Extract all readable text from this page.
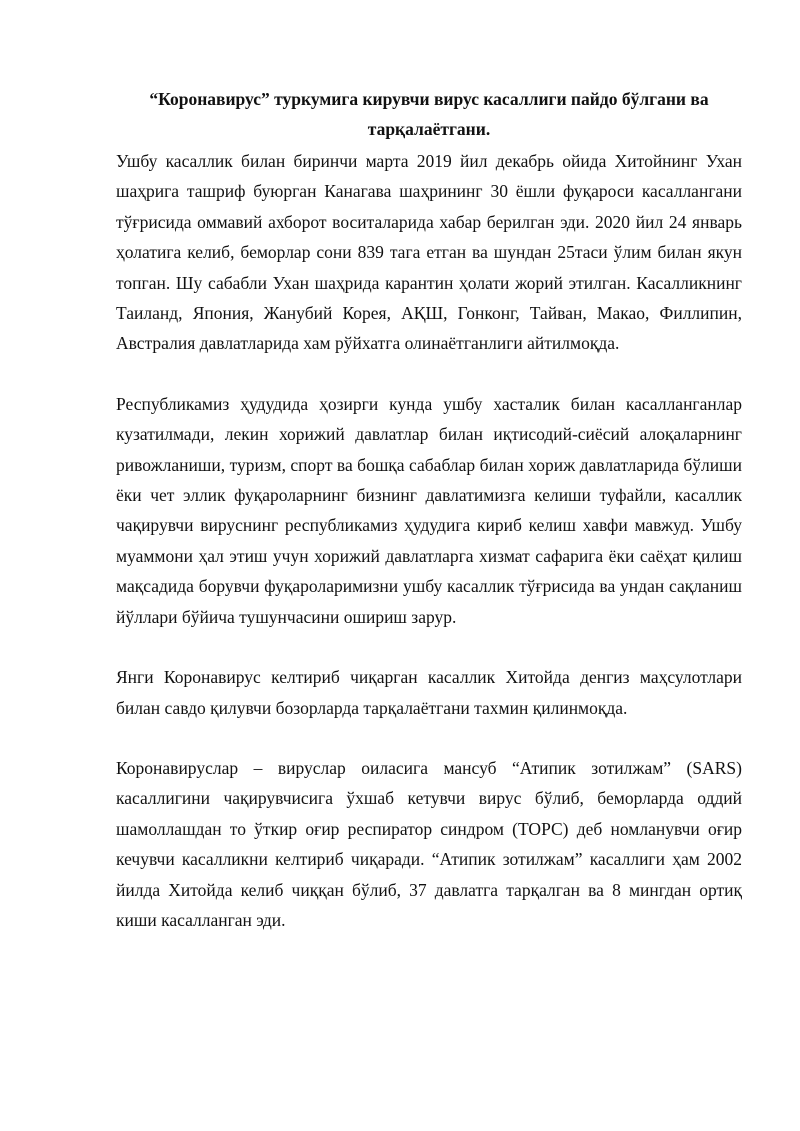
“Коронавирус” туркумига кирувчи вирус касаллиги пайдо бўлгани ва тарқалаётгани.

Ушбу касаллик билан биринчи марта 2019 йил декабрь ойида Хитойнинг Ухан шаҳрига ташриф буюрган Канагава шаҳрининг 30 ёшли фуқароси касаллангани тўғрисида оммавий ахборот воситаларида хабар берилган эди. 2020 йил 24 январь ҳолатига келиб, беморлар сони 839 тага етган ва шундан 25таси ўлим билан якун топган. Шу сабабли Ухан шаҳрида карантин ҳолати жорий этилган. Касалликнинг Таиланд, Япония, Жанубий Корея, АҚШ, Гонконг, Тайван, Макао, Филлипин, Австралия давлатларида хам рўйхатга олинаётганлиги айтилмоқда.

Республикамиз ҳудудида ҳозирги кунда ушбу хасталик билан касалланганлар кузатилмади, лекин хорижий давлатлар билан иқтисодий-сиёсий алоқаларнинг ривожланиши, туризм, спорт ва бошқа сабаблар билан хориж давлатларида бўлиши ёки чет эллик фуқароларнинг бизнинг давлатимизга келиши туфайли, касаллик чақирувчи вируснинг республикамиз ҳудудига кириб келиш хавфи мавжуд. Ушбу муаммони ҳал этиш учун хорижий давлатларга хизмат сафарига ёки саёҳат қилиш мақсадида борувчи фуқароларимизни ушбу касаллик тўғрисида ва ундан сақланиш йўллари бўйича тушунчасини ошириш зарур.

Янги Коронавирус келтириб чиқарган касаллик Хитойда денгиз маҳсулотлари билан савдо қилувчи бозорларда тарқалаётгани тахмин қилинмоқда.

Коронавируслар – вируслар оиласига мансуб “Атипик зотилжам” (SARS) касаллигини чақирувчисига ўхшаб кетувчи вирус бўлиб, беморларда оддий шамоллашдан то ўткир оғир респиратор синдром (ТОРС) деб номланувчи оғир кечувчи касалликни келтириб чиқаради. “Атипик зотилжам” касаллиги ҳам 2002 йилда Хитойда келиб чиққан бўлиб, 37 давлатга тарқалган ва 8 мингдан ортиқ киши касалланган эди.
